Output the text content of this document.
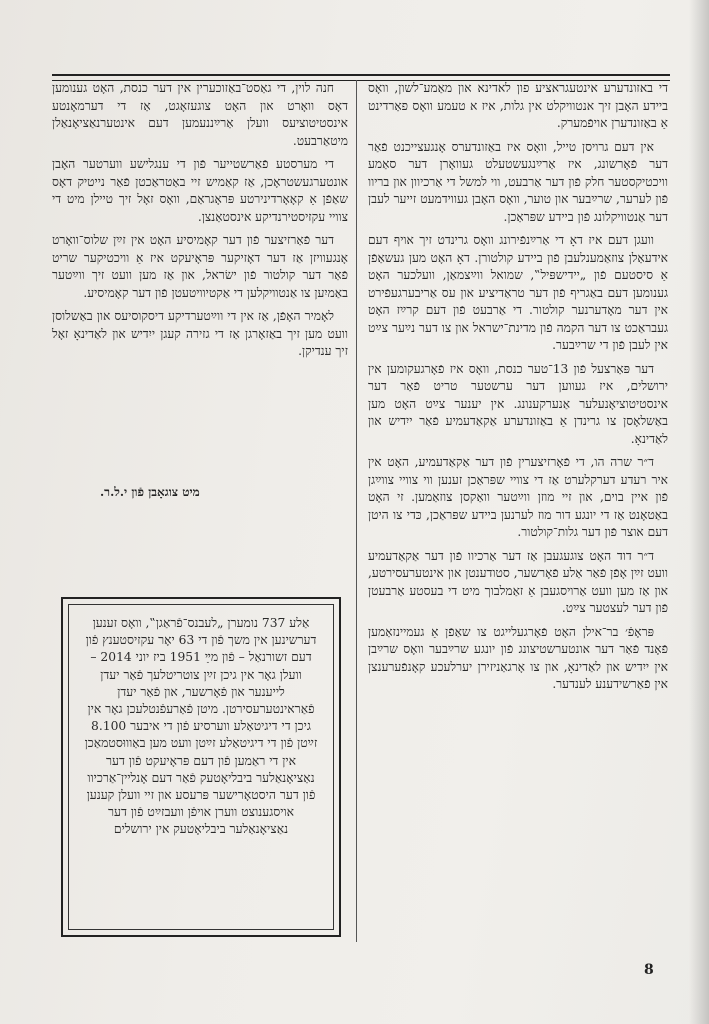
די באזונדערע אינטעגראציע פון לאדינא און מאַמע־לשון, וואָס ביידע האָבן זיך אנטוויקלט אין גלות, איז א טעמע וואָס פאַרדינט אַ באַזונדערן אויפֿמערק.

אין דעם גרויסן טייל, וואָס איז באַזונדערס אָנגעצייכנט פֿאַר דער פֿאָרשונג, איז אַרײַנגעשטעלט געוואָרן דער סאַמע וויכטיקסטער חלק פֿון דער אַרבעט, ווי למשל די אַרכיוון און בריוו פֿון לערער, שרײַבער און טוער, וואָס האָבן געווידמעט זייער לעבן דער אַנטוויקלונג פֿון ביידע שפּראַכן.

וועגן דעם איז דאָ די אַרײַנפֿירונג וואָס גרינדט זיך אויף דעם אידעאַלן צוזאַמענלעבן פֿון ביידע קולטורן. דאָ האָט מען געשאַפֿן אַ סיסטעם פֿון „יידישפּיל‟, שמואל ווײַצמאַן, וועלכער האָט גענומען דעם באַגריף פֿון דער טראַדיציע און עס אַריבערגעפֿירט אין דער מאָדערנער קולטור. די אַרבעט פֿון דעם קרײַז האָט געבראַכט צו דער הקמה פֿון מדינת־ישראל און צו דער נײַער צײַט אין לעבן פֿון די שרײַבער.

דער פּאַרצעל פֿון 13־טער כנסת, וואָס איז פֿאָרגעקומען אין ירושלים, איז געווען דער ערשטער טריט פֿאַר דער אינסטיטוציאָנעלער אַנערקענונג. אין יענער צײַט האָט מען באַשלאָסן צו גרינדן אַ באַזונדערע אַקאַדעמיע פֿאַר ייִדיש און לאַדינאָ.

ד״ר שרה הו, די פֿאָרזיצערין פֿון דער אַקאַדעמיע, האָט אין איר רעדע דערקלערט אַז די צוויי שפּראַכן זענען ווי צוויי צווײַגן פֿון איין בוים, און זיי מוזן ווײַטער וואַקסן צוזאַמען. זי האָט באַטאָנט אַז די יונגע דור מוז לערנען ביידע שפּראַכן, כּדי צו היטן דעם אוצר פֿון דער גלות־קולטור.

ד״ר דוד האָט צוגעגעבן אַז דער אַרכיוו פֿון דער אַקאַדעמיע וועט זײַן אָפֿן פֿאַר אַלע פֿאָרשער, סטודענטן און אינטערעסירטע, און אַז מען וועט אַרויסגעבן אַ זאַמלבוך מיט די בעסטע אַרבעטן פֿון דער לעצטער צײַט.

פּראָפֿ׳ בר־אילן האָט פֿאָרגעלייגט צו שאַפֿן אַ געמיינזאַמען פֿאָנד פֿאַר דער אונטערשטיצונג פֿון יונגע שרײַבער וואָס שרײַבן אין ייִדיש און לאַדינאָ, און צו אָרגאַניזירן יערלעכע קאָנפֿערענצן אין פֿאַרשידענע לענדער.

חנה לוין, די גאַסט־באַזוכערין אין דער כנסת, האָט גענומען דאָס וואָרט און האָט צוגעזאָגט, אַז די דערמאָנטע אינסטיטוציעס וועלן אַרײַננעמען דעם אינטערנאַציאָנאַלן מיטאַרבעט.

די מערסטע פֿאַרשטייער פֿון די ענגלישע ווערטער האָבן אונטערגעשטראָכן, אַז קאַמיש זיי באַטראַכטן פֿאַר נייטיק דאָס שאַפֿן אַ קאָאָרדינירטע פּראָגראַם, וואָס זאָל זיך טיילן מיט די צוויי עקזיסטירנדיקע אינסטאַנצן.

דער פֿאַרזיצער פֿון דער קאָמיסיע האָט אין זײַן שלוס־וואָרט אָנגעוויזן אַז דער דאָזיקער פּראָיעקט איז אַ וויכטיקער שריט פֿאַר דער קולטור פֿון ישׂראל, און אַז מען וועט זיך ווײַטער באַמיִען צו אַנטוויקלען די אַקטיוויטעטן פֿון דער קאָמיסיע.

לאָמיר האָפֿן, אַז אין די ווײַטערדיקע דיסקוסיעס און באַשלוסן וועט מען זיך באַזאָרגן אַז די גזירה קעגן ייִדיש און לאַדינאָ זאָל זיך ענדיקן.

מיט צוגאָבן פֿון י.ל.ר.
אַלע 737 נומערן „לעבנס־פֿראַגן‟, וואָס זענען דערשינען אין משך פֿון די 63 יאָר עקזיסטענץ פֿון דעם זשורנאַל – פֿון מײַ 1951 ביז יוני 2014 – וועלן גאָר אין גיכן זײַן צוטריטלעך פֿאַר יעדן לייענער און פֿאָרשער, און פֿאַר יעדן פֿאַראינטערעסירטן. מיטן פֿאַרעפֿנטלעכן גאָר אין גיכן די דיגיטאַלע ווערסיע פֿון די איבער 8.100 זײַטן פֿון די דיגיטאַלע זײַטן וועט מען באַוווּסטמאַכן אין די ראַמען פֿון דעם פּראָיעקט פֿון דער נאַציאָנאַלער ביבליאָטעק פֿאַר דעם אָנליין־אַרכיוו פֿון דער היסטאָרישער פּרעסע און זיי וועלן קענען אויסגענוצט ווערן אויפֿן וועבזײַט פֿון דער נאַציאָנאַלער ביבליאָטעק אין ירושלים
8
